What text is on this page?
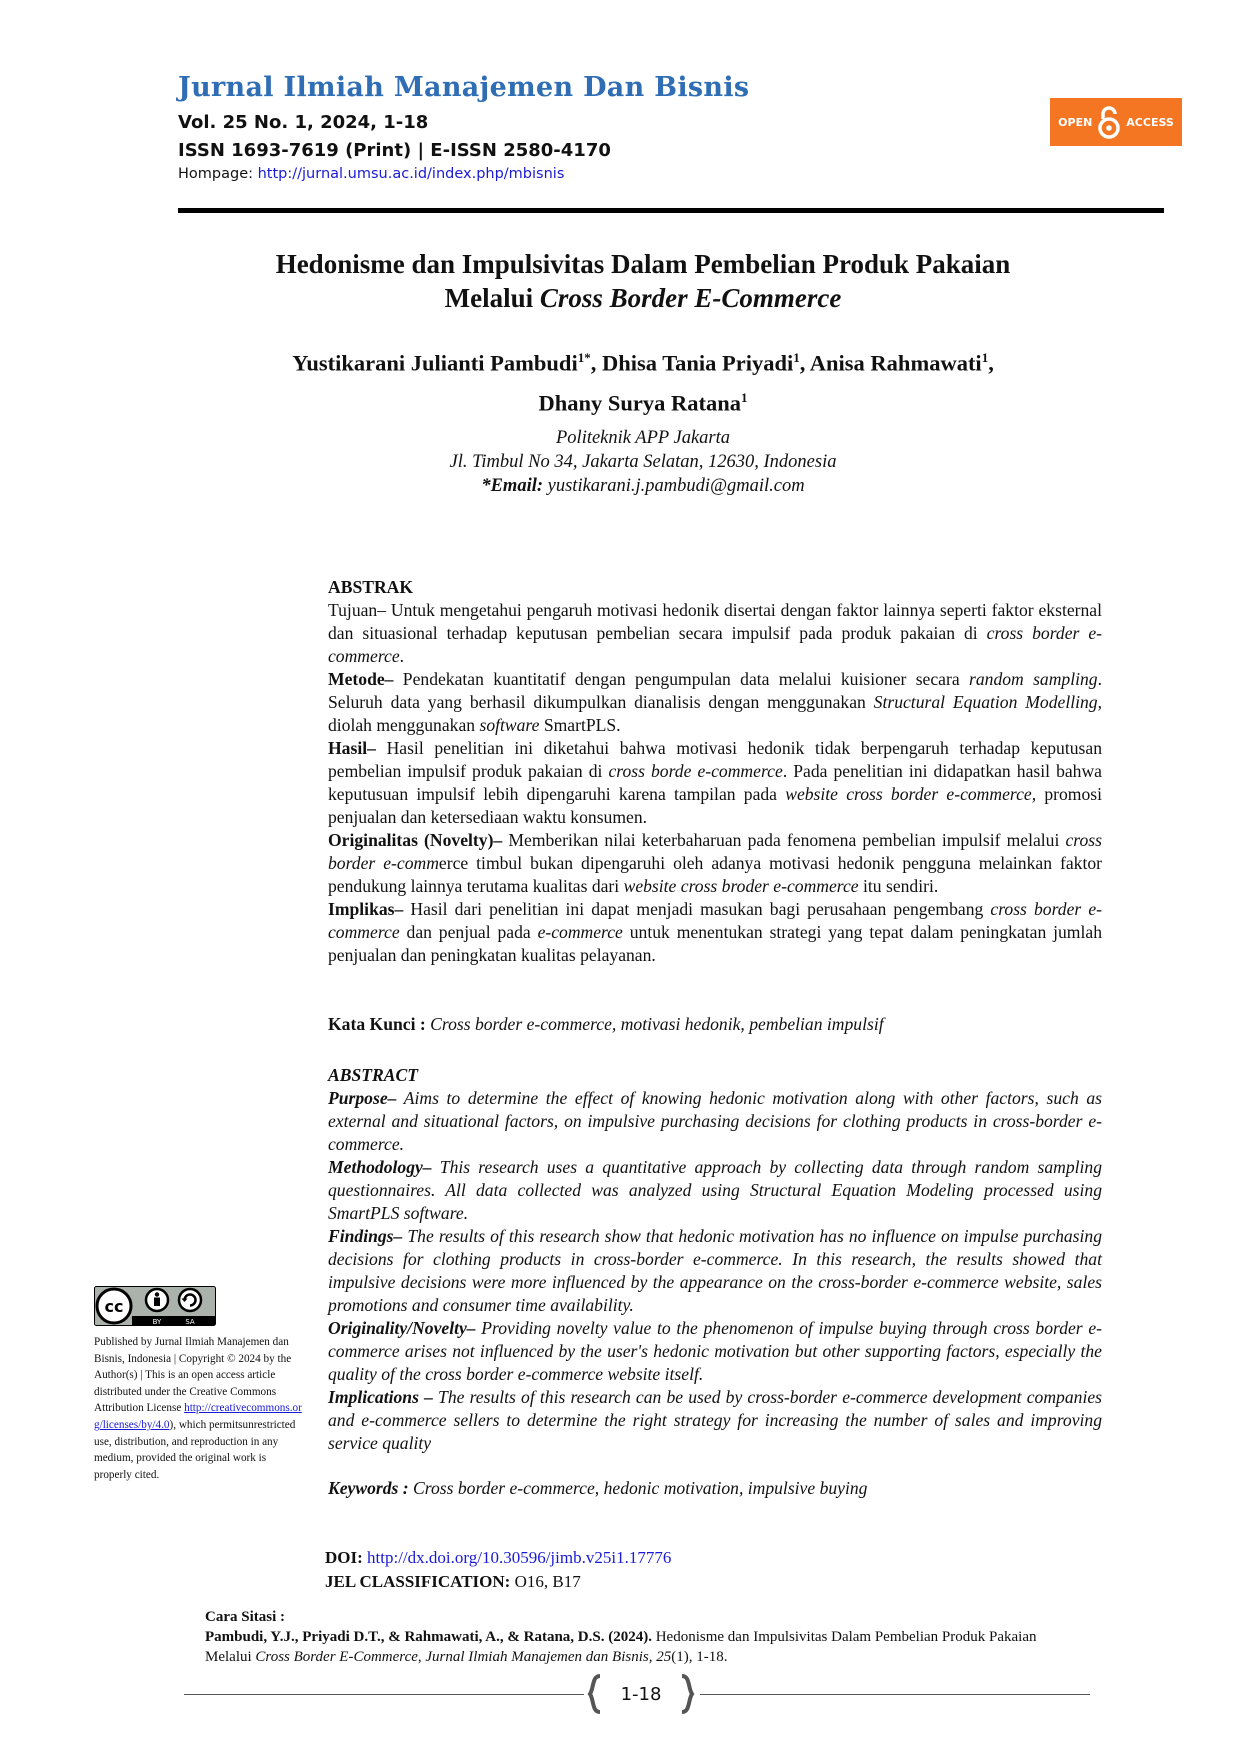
Jurnal Ilmiah Manajemen Dan Bisnis
Vol. 25 No. 1, 2024, 1-18
ISSN 1693-7619 (Print) | E-ISSN 2580-4170
Hompage: http://jurnal.umsu.ac.id/index.php/mbisnis
OPEN	ACCESS
Hedonisme dan Impulsivitas Dalam Pembelian Produk Pakaian
Melalui Cross Border E-Commerce
Yustikarani Julianti Pambudi$^{1*}$, Dhisa Tania Priyadi$^1$, Anisa Rahmawati$^1$,
Dhany Surya Ratana$^1$
Politeknik APP Jakarta
Jl. Timbul No 34, Jakarta Selatan, 12630, Indonesia
*Email: yustikarani.j.pambudi@gmail.com

ABSTRAK

Tujuan– Untuk mengetahui pengaruh motivasi hedonik disertai dengan faktor lainnya seperti faktor eksternal dan situasional terhadap keputusan pembelian secara impulsif pada produk pakaian di cross border e-commerce.

Metode– Pendekatan kuantitatif dengan pengumpulan data melalui kuisioner secara random sampling. Seluruh data yang berhasil dikumpulkan dianalisis dengan menggunakan Structural Equation Modelling, diolah menggunakan software SmartPLS.

Hasil– Hasil penelitian ini diketahui bahwa motivasi hedonik tidak berpengaruh terhadap keputusan pembelian impulsif produk pakaian di cross borde e-commerce. Pada penelitian ini didapatkan hasil bahwa keputusuan impulsif lebih dipengaruhi karena tampilan pada website cross border e-commerce, promosi penjualan dan ketersediaan waktu konsumen.

Originalitas (Novelty)– Memberikan nilai keterbaharuan pada fenomena pembelian impulsif melalui cross border e-commerce timbul bukan dipengaruhi oleh adanya motivasi hedonik pengguna melainkan faktor pendukung lainnya terutama kualitas dari website cross broder e-commerce itu sendiri.

Implikas– Hasil dari penelitian ini dapat menjadi masukan bagi perusahaan pengembang cross border e-commerce dan penjual pada e-commerce untuk menentukan strategi yang tepat dalam peningkatan jumlah penjualan dan peningkatan kualitas pelayanan.

Kata Kunci : Cross border e-commerce, motivasi hedonik, pembelian impulsif

ABSTRACT

Purpose– Aims to determine the effect of knowing hedonic motivation along with other factors, such as external and situational factors, on impulsive purchasing decisions for clothing products in cross-border e-commerce.

Methodology– This research uses a quantitative approach by collecting data through random sampling questionnaires. All data collected was analyzed using Structural Equation Modeling processed using SmartPLS software.

Findings– The results of this research show that hedonic motivation has no influence on impulse purchasing decisions for clothing products in cross-border e-commerce. In this research, the results showed that impulsive decisions were more influenced by the appearance on the cross-border e-commerce website, sales promotions and consumer time availability.

Originality/Novelty– Providing novelty value to the phenomenon of impulse buying through cross border e-commerce arises not influenced by the user's hedonic motivation but other supporting factors, especially the quality of the cross border e-commerce website itself.

Implications – The results of this research can be used by cross-border e-commerce development companies and e-commerce sellers to determine the right strategy for increasing the number of sales and improving service quality

Keywords : Cross border e-commerce, hedonic motivation, impulsive buying
cc
BY	SA
Published by Jurnal Ilmiah Manajemen dan Bisnis, Indonesia | Copyright © 2024 by the Author(s) | This is an open access article distributed under the Creative Commons Attribution License http://creativecommons.org/licenses/by/4.0), which permitsunrestricted use, distribution, and reproduction in any medium, provided the original work is properly cited.
DOI: http://dx.doi.org/10.30596/jimb.v25i1.17776
JEL CLASSIFICATION: O16, B17
Cara Sitasi :
Pambudi, Y.J., Priyadi D.T., & Rahmawati, A., & Ratana, D.S. (2024). Hedonisme dan Impulsivitas Dalam Pembelian Produk Pakaian Melalui Cross Border E-Commerce, Jurnal Ilmiah Manajemen dan Bisnis, 25(1), 1-18.
1-18
